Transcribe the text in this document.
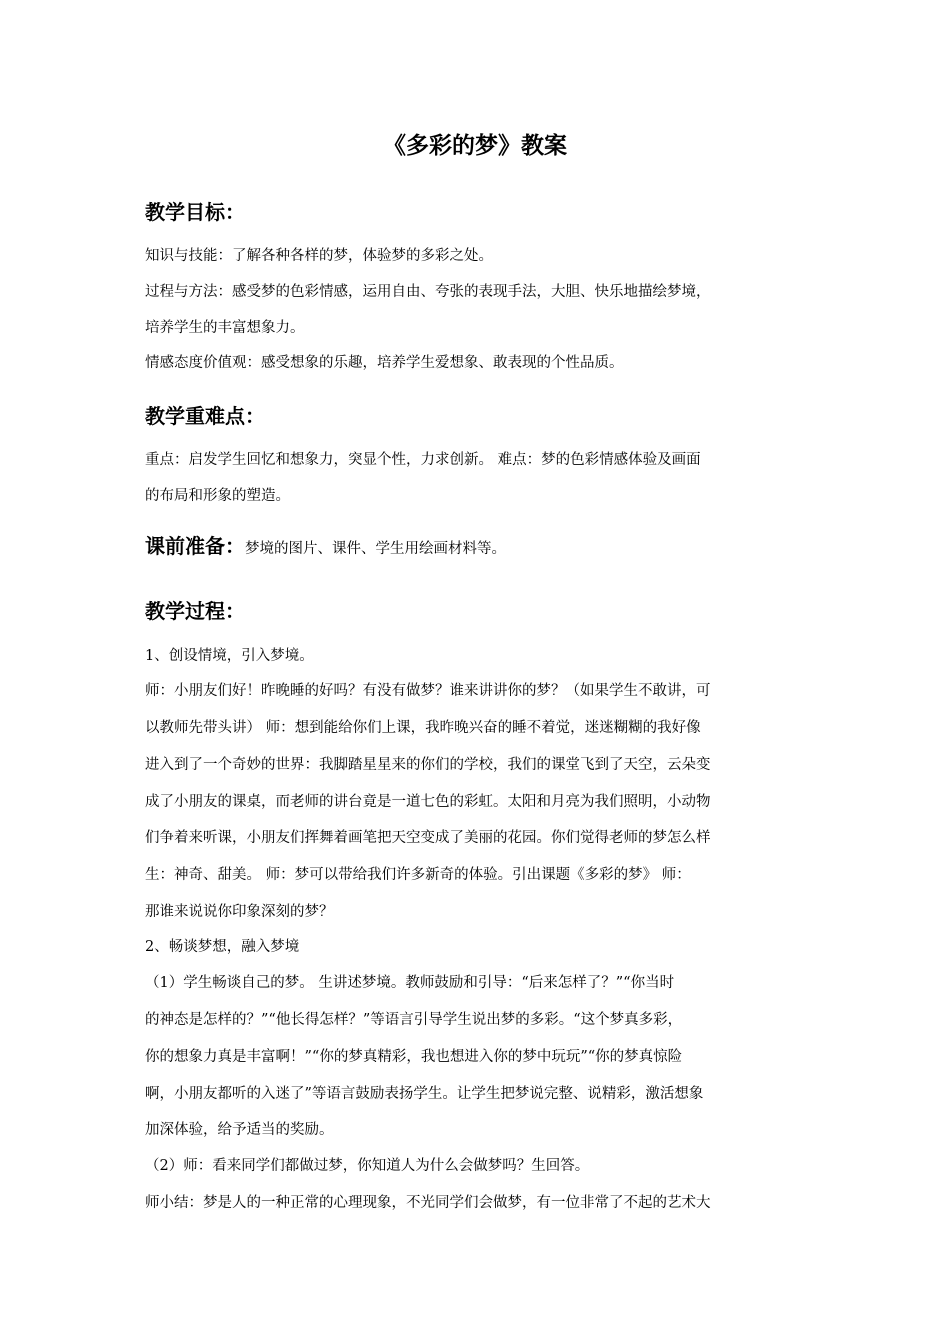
《多彩的梦》教案
教学目标：
知识与技能：了解各种各样的梦，体验梦的多彩之处。
过程与方法：感受梦的色彩情感，运用自由、夸张的表现手法，大胆、快乐地描绘梦境，
培养学生的丰富想象力。
情感态度价值观：感受想象的乐趣，培养学生爱想象、敢表现的个性品质。
教学重难点：
重点：启发学生回忆和想象力，突显个性，力求创新。 难点：梦的色彩情感体验及画面
的布局和形象的塑造。
课前准备：梦境的图片、课件、学生用绘画材料等。
教学过程：
1、创设情境，引入梦境。
师：小朋友们好！昨晚睡的好吗？有没有做梦？谁来讲讲你的梦？（如果学生不敢讲，可
以教师先带头讲） 师：想到能给你们上课，我昨晚兴奋的睡不着觉，迷迷糊糊的我好像
进入到了一个奇妙的世界：我脚踏星星来的你们的学校，我们的课堂飞到了天空，云朵变
成了小朋友的课桌，而老师的讲台竟是一道七色的彩虹。太阳和月亮为我们照明，小动物
们争着来听课，小朋友们挥舞着画笔把天空变成了美丽的花园。你们觉得老师的梦怎么样
生：神奇、甜美。 师：梦可以带给我们许多新奇的体验。引出课题《多彩的梦》 师：
那谁来说说你印象深刻的梦？
2、畅谈梦想，融入梦境
（1）学生畅谈自己的梦。 生讲述梦境。教师鼓励和引导：“后来怎样了？”“你当时
的神态是怎样的？”“他长得怎样？”等语言引导学生说出梦的多彩。“这个梦真多彩，
你的想象力真是丰富啊！”“你的梦真精彩，我也想进入你的梦中玩玩”“你的梦真惊险
啊，小朋友都听的入迷了”等语言鼓励表扬学生。让学生把梦说完整、说精彩，激活想象
加深体验，给予适当的奖励。
（2）师：看来同学们都做过梦，你知道人为什么会做梦吗？生回答。
师小结：梦是人的一种正常的心理现象，不光同学们会做梦，有一位非常了不起的艺术大
